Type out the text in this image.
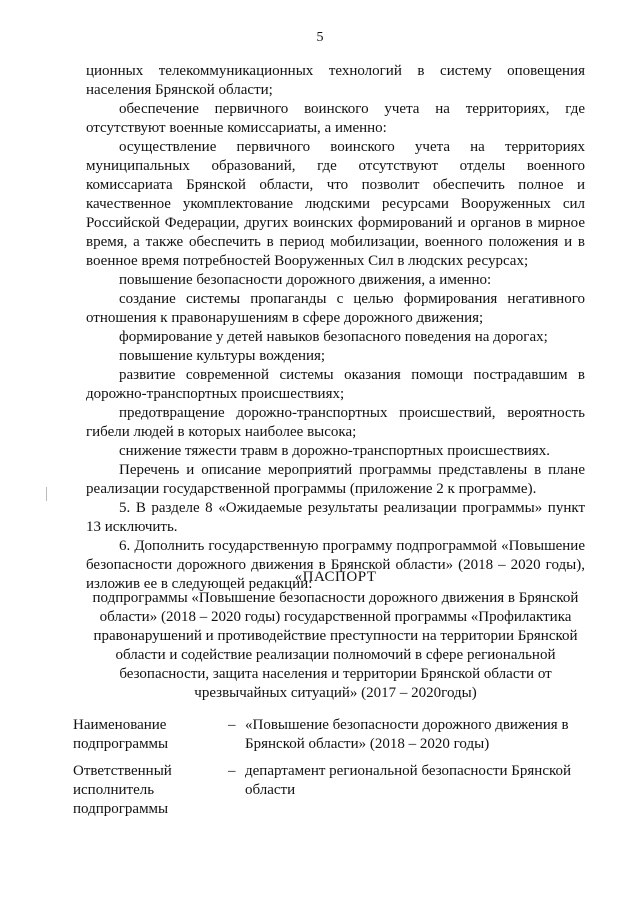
5

ционных телекоммуникационных технологий в систему оповещения населения Брянской области;

обеспечение первичного воинского учета на территориях, где отсутствуют военные комиссариаты, а именно:

осуществление первичного воинского учета на территориях муниципальных образований, где отсутствуют отделы военного комиссариата Брянской области, что позволит обеспечить полное и качественное укомплектование людскими ресурсами Вооруженных сил Российской Федерации, других воинских формирований и органов в мирное время, а также обеспечить в период мобилизации, военного положения и в военное время потребностей Вооруженных Сил в людских ресурсах;

повышение безопасности дорожного движения, а именно:

создание системы пропаганды с целью формирования негативного отношения к правонарушениям в сфере дорожного движения;

формирование у детей навыков безопасного поведения на дорогах;

повышение культуры вождения;

развитие современной системы оказания помощи пострадавшим в дорожно-транспортных происшествиях;

предотвращение дорожно-транспортных происшествий, вероятность гибели людей в которых наиболее высока;

снижение тяжести травм в дорожно-транспортных происшествиях.

Перечень и описание мероприятий программы представлены в плане реализации государственной программы (приложение 2 к программе).

5. В разделе 8 «Ожидаемые результаты реализации программы» пункт 13 исключить.

6. Дополнить государственную программу подпрограммой «Повышение безопасности дорожного движения в Брянской области» (2018 – 2020 годы), изложив ее в следующей редакции:

«ПАСПОРТ
подпрограммы «Повышение безопасности дорожного движения в Брянской области» (2018 – 2020 годы) государственной программы «Профилактика правонарушений и противодействие преступности на территории Брянской области и содействие реализации полномочий в сфере региональной безопасности, защита населения и территории Брянской области от чрезвычайных ситуаций» (2017 – 2020годы)
Наименование подпрограммы
– «Повышение безопасности дорожного движения в Брянской области» (2018 – 2020 годы)
Ответственный исполнитель подпрограммы
– департамент региональной безопасности Брянской области
